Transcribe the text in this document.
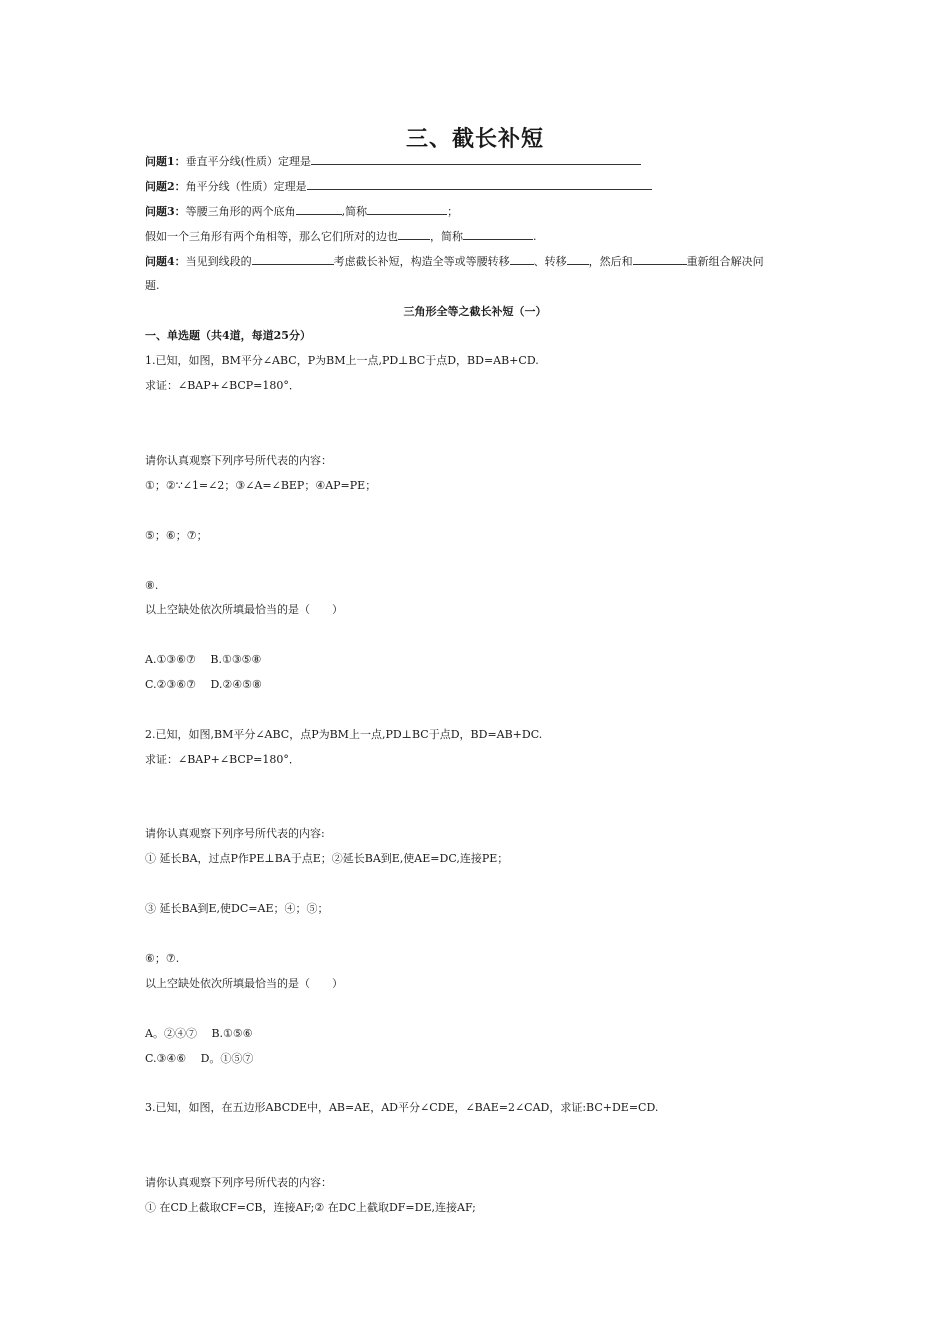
三、截长补短
问题1：垂直平分线(性质）定理是
问题2：角平分线（性质）定理是
问题3：等腰三角形的两个底角	,简称	；
假如一个三角形有两个角相等，那么它们所对的边也	，简称	.
问题4：当见到线段的	考虑截长补短，构造全等或等腰转移 、转移 ，然后和	重新组合解决问
题.
三角形全等之截长补短（一）
一、单选题（共4道，每道25分）
1.已知，如图，BM平分∠ABC，P为BM上一点,PD⊥BC于点D，BD=AB+CD.
求证：∠BAP+∠BCP=180°．
请你认真观察下列序号所代表的内容：
①；②∵∠1=∠2；③∠A=∠BEP；④AP=PE；
⑤；⑥；⑦；
⑧.
以上空缺处依次所填最恰当的是（　　）
A.①③⑥⑦　 B.①③⑤⑧
C.②③⑥⑦　 D.②④⑤⑧
2.已知，如图,BM平分∠ABC，点P为BM上一点,PD⊥BC于点D，BD=AB+DC.
求证：∠BAP+∠BCP=180°．
请你认真观察下列序号所代表的内容:
① 延长BA，过点P作PE⊥BA于点E；②延长BA到E,使AE=DC,连接PE；
③ 延长BA到E,使DC=AE；④；⑤；
⑥；⑦.
以上空缺处依次所填最恰当的是（　　）
A。②④⑦　 B.①⑤⑥
C.③④⑥　 D。①⑤⑦
3.已知，如图，在五边形ABCDE中，AB=AE，AD平分∠CDE，∠BAE=2∠CAD，求证:BC+DE=CD.
请你认真观察下列序号所代表的内容：
① 在CD上截取CF=CB，连接AF;② 在DC上截取DF=DE,连接AF;
